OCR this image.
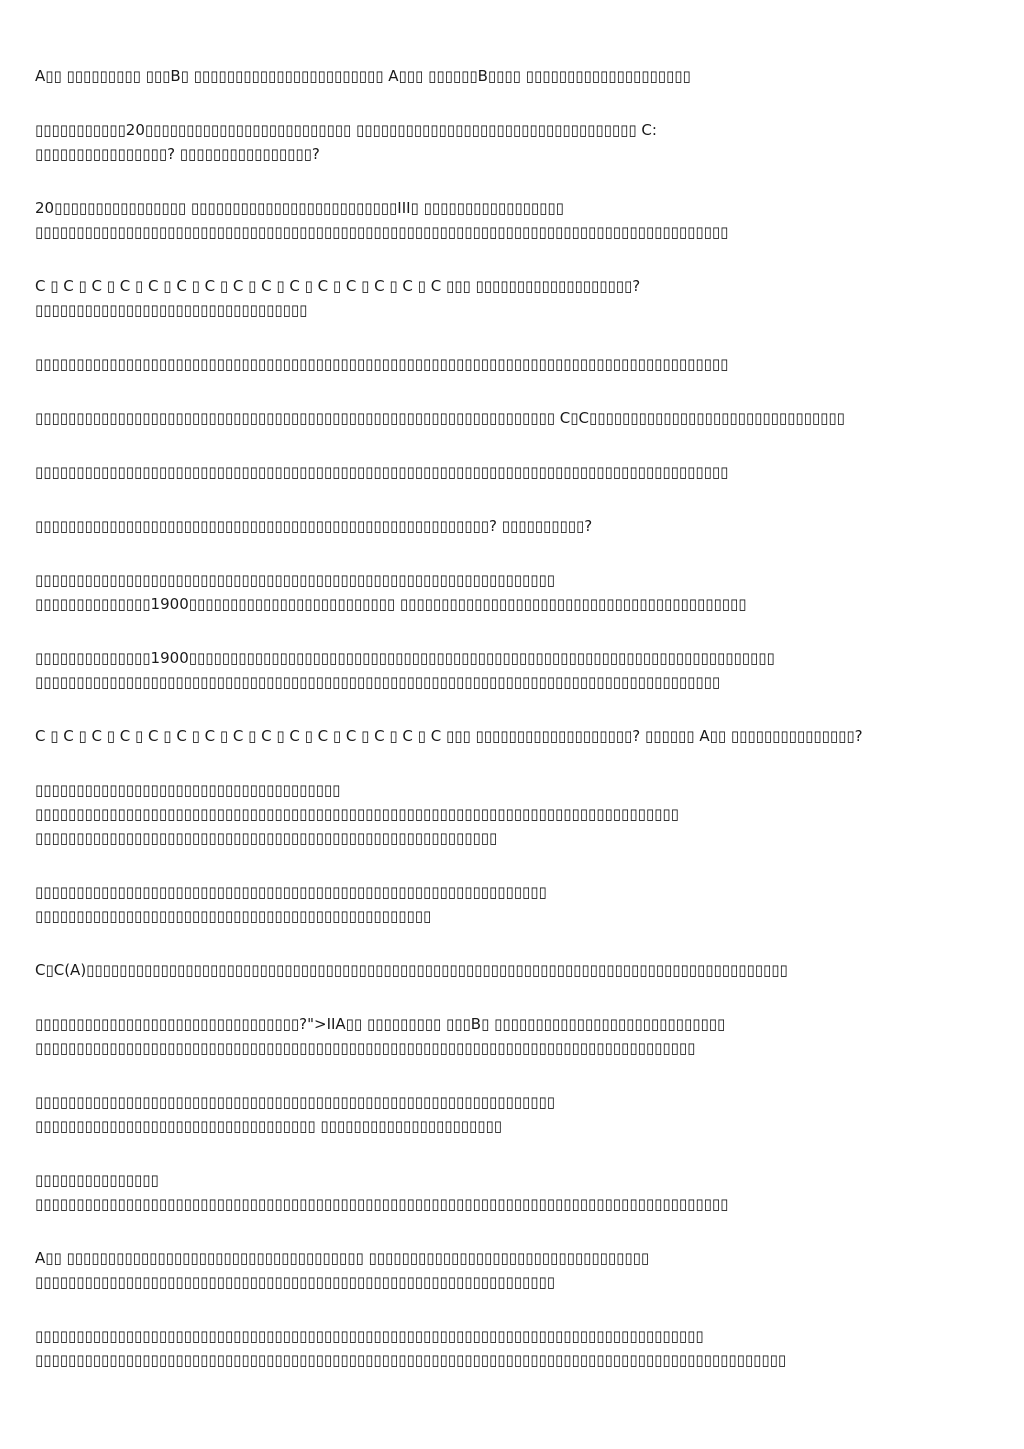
A▯▯ ▯▯▯▯▯▯▯▯▯ ▯▯▯B▯ ▯▯▯▯▯▯▯▯▯▯▯▯▯▯▯▯▯▯▯▯▯▯▯ A▯▯▯ ▯▯▯▯▯▯B▯▯▯▯ ▯▯▯▯▯▯▯▯▯▯▯▯▯▯▯▯▯▯▯▯

▯▯▯▯▯▯▯▯▯▯▯20▯▯▯▯▯▯▯▯▯▯▯▯▯▯▯▯▯▯▯▯▯▯▯▯▯ ▯▯▯▯▯▯▯▯▯▯▯▯▯▯▯▯▯▯▯▯▯▯▯▯▯▯▯▯▯▯▯▯▯▯ C:
▯▯▯▯▯▯▯▯▯▯▯▯▯▯▯▯? ▯▯▯▯▯▯▯▯▯▯▯▯▯▯▯▯?

20▯▯▯▯▯▯▯▯▯▯▯▯▯▯▯▯ ▯▯▯▯▯▯▯▯▯▯▯▯▯▯▯▯▯▯▯▯▯▯▯▯▯III▯ ▯▯▯▯▯▯▯▯▯▯▯▯▯▯▯▯▯
▯▯▯▯▯▯▯▯▯▯▯▯▯▯▯▯▯▯▯▯▯▯▯▯▯▯▯▯▯▯▯▯▯▯▯▯▯▯▯▯▯▯▯▯▯▯▯▯▯▯▯▯▯▯▯▯▯▯▯▯▯▯▯▯▯▯▯▯▯▯▯▯▯▯▯▯▯▯▯▯▯▯▯▯

C ▯ C ▯ C ▯ C ▯ C ▯ C ▯ C ▯ C ▯ C ▯ C ▯ C ▯ C ▯ C ▯ C ▯ C ▯▯▯ ▯▯▯▯▯▯▯▯▯▯▯▯▯▯▯▯▯▯▯?
▯▯▯▯▯▯▯▯▯▯▯▯▯▯▯▯▯▯▯▯▯▯▯▯▯▯▯▯▯▯▯▯▯

▯▯▯▯▯▯▯▯▯▯▯▯▯▯▯▯▯▯▯▯▯▯▯▯▯▯▯▯▯▯▯▯▯▯▯▯▯▯▯▯▯▯▯▯▯▯▯▯▯▯▯▯▯▯▯▯▯▯▯▯▯▯▯▯▯▯▯▯▯▯▯▯▯▯▯▯▯▯▯▯▯▯▯▯

▯▯▯▯▯▯▯▯▯▯▯▯▯▯▯▯▯▯▯▯▯▯▯▯▯▯▯▯▯▯▯▯▯▯▯▯▯▯▯▯▯▯▯▯▯▯▯▯▯▯▯▯▯▯▯▯▯▯▯▯▯▯▯ C▯C▯▯▯▯▯▯▯▯▯▯▯▯▯▯▯▯▯▯▯▯▯▯▯▯▯▯▯▯▯▯▯

▯▯▯▯▯▯▯▯▯▯▯▯▯▯▯▯▯▯▯▯▯▯▯▯▯▯▯▯▯▯▯▯▯▯▯▯▯▯▯▯▯▯▯▯▯▯▯▯▯▯▯▯▯▯▯▯▯▯▯▯▯▯▯▯▯▯▯▯▯▯▯▯▯▯▯▯▯▯▯▯▯▯▯▯

▯▯▯▯▯▯▯▯▯▯▯▯▯▯▯▯▯▯▯▯▯▯▯▯▯▯▯▯▯▯▯▯▯▯▯▯▯▯▯▯▯▯▯▯▯▯▯▯▯▯▯▯▯▯▯? ▯▯▯▯▯▯▯▯▯▯?

▯▯▯▯▯▯▯▯▯▯▯▯▯▯▯▯▯▯▯▯▯▯▯▯▯▯▯▯▯▯▯▯▯▯▯▯▯▯▯▯▯▯▯▯▯▯▯▯▯▯▯▯▯▯▯▯▯▯▯▯▯▯▯
▯▯▯▯▯▯▯▯▯▯▯▯▯▯1900▯▯▯▯▯▯▯▯▯▯▯▯▯▯▯▯▯▯▯▯▯▯▯▯▯ ▯▯▯▯▯▯▯▯▯▯▯▯▯▯▯▯▯▯▯▯▯▯▯▯▯▯▯▯▯▯▯▯▯▯▯▯▯▯▯▯▯▯

▯▯▯▯▯▯▯▯▯▯▯▯▯▯1900▯▯▯▯▯▯▯▯▯▯▯▯▯▯▯▯▯▯▯▯▯▯▯▯▯▯▯▯▯▯▯▯▯▯▯▯▯▯▯▯▯▯▯▯▯▯▯▯▯▯▯▯▯▯▯▯▯▯▯▯▯▯▯▯▯▯▯▯▯▯▯
▯▯▯▯▯▯▯▯▯▯▯▯▯▯▯▯▯▯▯▯▯▯▯▯▯▯▯▯▯▯▯▯▯▯▯▯▯▯▯▯▯▯▯▯▯▯▯▯▯▯▯▯▯▯▯▯▯▯▯▯▯▯▯▯▯▯▯▯▯▯▯▯▯▯▯▯▯▯▯▯▯▯▯

C ▯ C ▯ C ▯ C ▯ C ▯ C ▯ C ▯ C ▯ C ▯ C ▯ C ▯ C ▯ C ▯ C ▯ C ▯▯▯ ▯▯▯▯▯▯▯▯▯▯▯▯▯▯▯▯▯▯▯? ▯▯▯▯▯▯ A▯▯ ▯▯▯▯▯▯▯▯▯▯▯▯▯▯▯?

▯▯▯▯▯▯▯▯▯▯▯▯▯▯▯▯▯▯▯▯▯▯▯▯▯▯▯▯▯▯▯▯▯▯▯▯▯
▯▯▯▯▯▯▯▯▯▯▯▯▯▯▯▯▯▯▯▯▯▯▯▯▯▯▯▯▯▯▯▯▯▯▯▯▯▯▯▯▯▯▯▯▯▯▯▯▯▯▯▯▯▯▯▯▯▯▯▯▯▯▯▯▯▯▯▯▯▯▯▯▯▯▯▯▯▯
▯▯▯▯▯▯▯▯▯▯▯▯▯▯▯▯▯▯▯▯▯▯▯▯▯▯▯▯▯▯▯▯▯▯▯▯▯▯▯▯▯▯▯▯▯▯▯▯▯▯▯▯▯▯▯▯

▯▯▯▯▯▯▯▯▯▯▯▯▯▯▯▯▯▯▯▯▯▯▯▯▯▯▯▯▯▯▯▯▯▯▯▯▯▯▯▯▯▯▯▯▯▯▯▯▯▯▯▯▯▯▯▯▯▯▯▯▯▯
▯▯▯▯▯▯▯▯▯▯▯▯▯▯▯▯▯▯▯▯▯▯▯▯▯▯▯▯▯▯▯▯▯▯▯▯▯▯▯▯▯▯▯▯▯▯▯▯

C▯C(A)▯▯▯▯▯▯▯▯▯▯▯▯▯▯▯▯▯▯▯▯▯▯▯▯▯▯▯▯▯▯▯▯▯▯▯▯▯▯▯▯▯▯▯▯▯▯▯▯▯▯▯▯▯▯▯▯▯▯▯▯▯▯▯▯▯▯▯▯▯▯▯▯▯▯▯▯▯▯▯▯▯▯▯▯▯

▯▯▯▯▯▯▯▯▯▯▯▯▯▯▯▯▯▯▯▯▯▯▯▯▯▯▯▯▯▯▯▯?">IIA▯▯ ▯▯▯▯▯▯▯▯▯ ▯▯▯B▯ ▯▯▯▯▯▯▯▯▯▯▯▯▯▯▯▯▯▯▯▯▯▯▯▯▯▯▯▯
▯▯▯▯▯▯▯▯▯▯▯▯▯▯▯▯▯▯▯▯▯▯▯▯▯▯▯▯▯▯▯▯▯▯▯▯▯▯▯▯▯▯▯▯▯▯▯▯▯▯▯▯▯▯▯▯▯▯▯▯▯▯▯▯▯▯▯▯▯▯▯▯▯▯▯▯▯▯▯▯

▯▯▯▯▯▯▯▯▯▯▯▯▯▯▯▯▯▯▯▯▯▯▯▯▯▯▯▯▯▯▯▯▯▯▯▯▯▯▯▯▯▯▯▯▯▯▯▯▯▯▯▯▯▯▯▯▯▯▯▯▯▯▯
▯▯▯▯▯▯▯▯▯▯▯▯▯▯▯▯▯▯▯▯▯▯▯▯▯▯▯▯▯▯▯▯▯▯ ▯▯▯▯▯▯▯▯▯▯▯▯▯▯▯▯▯▯▯▯▯▯

▯▯▯▯▯▯▯▯▯▯▯▯▯▯▯
▯▯▯▯▯▯▯▯▯▯▯▯▯▯▯▯▯▯▯▯▯▯▯▯▯▯▯▯▯▯▯▯▯▯▯▯▯▯▯▯▯▯▯▯▯▯▯▯▯▯▯▯▯▯▯▯▯▯▯▯▯▯▯▯▯▯▯▯▯▯▯▯▯▯▯▯▯▯▯▯▯▯▯▯

A▯▯ ▯▯▯▯▯▯▯▯▯▯▯▯▯▯▯▯▯▯▯▯▯▯▯▯▯▯▯▯▯▯▯▯▯▯▯▯ ▯▯▯▯▯▯▯▯▯▯▯▯▯▯▯▯▯▯▯▯▯▯▯▯▯▯▯▯▯▯▯▯▯▯
▯▯▯▯▯▯▯▯▯▯▯▯▯▯▯▯▯▯▯▯▯▯▯▯▯▯▯▯▯▯▯▯▯▯▯▯▯▯▯▯▯▯▯▯▯▯▯▯▯▯▯▯▯▯▯▯▯▯▯▯▯▯▯

▯▯▯▯▯▯▯▯▯▯▯▯▯▯▯▯▯▯▯▯▯▯▯▯▯▯▯▯▯▯▯▯▯▯▯▯▯▯▯▯▯▯▯▯▯▯▯▯▯▯▯▯▯▯▯▯▯▯▯▯▯▯▯▯▯▯▯▯▯▯▯▯▯▯▯▯▯▯▯▯▯
▯▯▯▯▯▯▯▯▯▯▯▯▯▯▯▯▯▯▯▯▯▯▯▯▯▯▯▯▯▯▯▯▯▯▯▯▯▯▯▯▯▯▯▯▯▯▯▯▯▯▯▯▯▯▯▯▯▯▯▯▯▯▯▯▯▯▯▯▯▯▯▯▯▯▯▯▯▯▯▯▯▯▯▯▯▯▯▯▯▯▯
